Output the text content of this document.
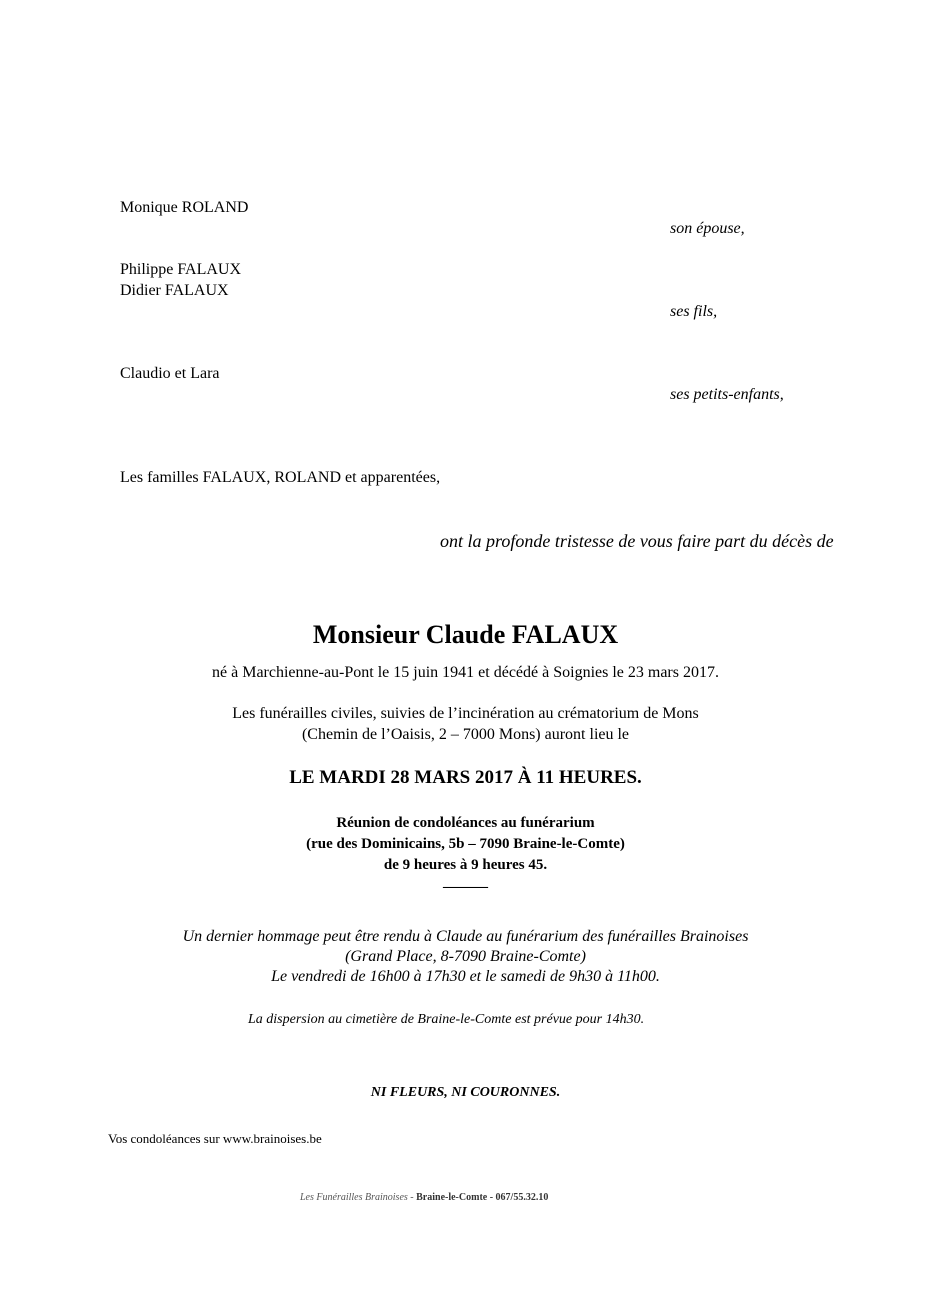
Monique ROLAND
son épouse,
Philippe FALAUX
Didier FALAUX
ses fils,
Claudio et Lara
ses petits-enfants,
Les familles FALAUX, ROLAND et apparentées,
ont la profonde tristesse de vous faire part du décès de
Monsieur Claude FALAUX
né à Marchienne-au-Pont le 15 juin 1941 et décédé à Soignies le 23 mars 2017.
Les funérailles civiles, suivies de l’incinération au crématorium de Mons
(Chemin de l’Oaisis, 2 – 7000 Mons) auront lieu le
LE MARDI 28 MARS 2017 À 11 HEURES.
Réunion de condoléances au funérarium
(rue des Dominicains, 5b – 7090 Braine-le-Comte)
de 9 heures à 9 heures 45.
______
Un dernier hommage peut être rendu à Claude au funérarium des funérailles Brainoises
(Grand Place, 8-7090 Braine-Comte)
Le vendredi de 16h00 à 17h30 et le samedi de 9h30 à 11h00.
La dispersion au cimetière de Braine-le-Comte est prévue pour 14h30.
NI FLEURS, NI COURONNES.
Vos condoléances sur www.brainoises.be
Les Funérailles Brainoises - Braine-le-Comte - 067/55.32.10
